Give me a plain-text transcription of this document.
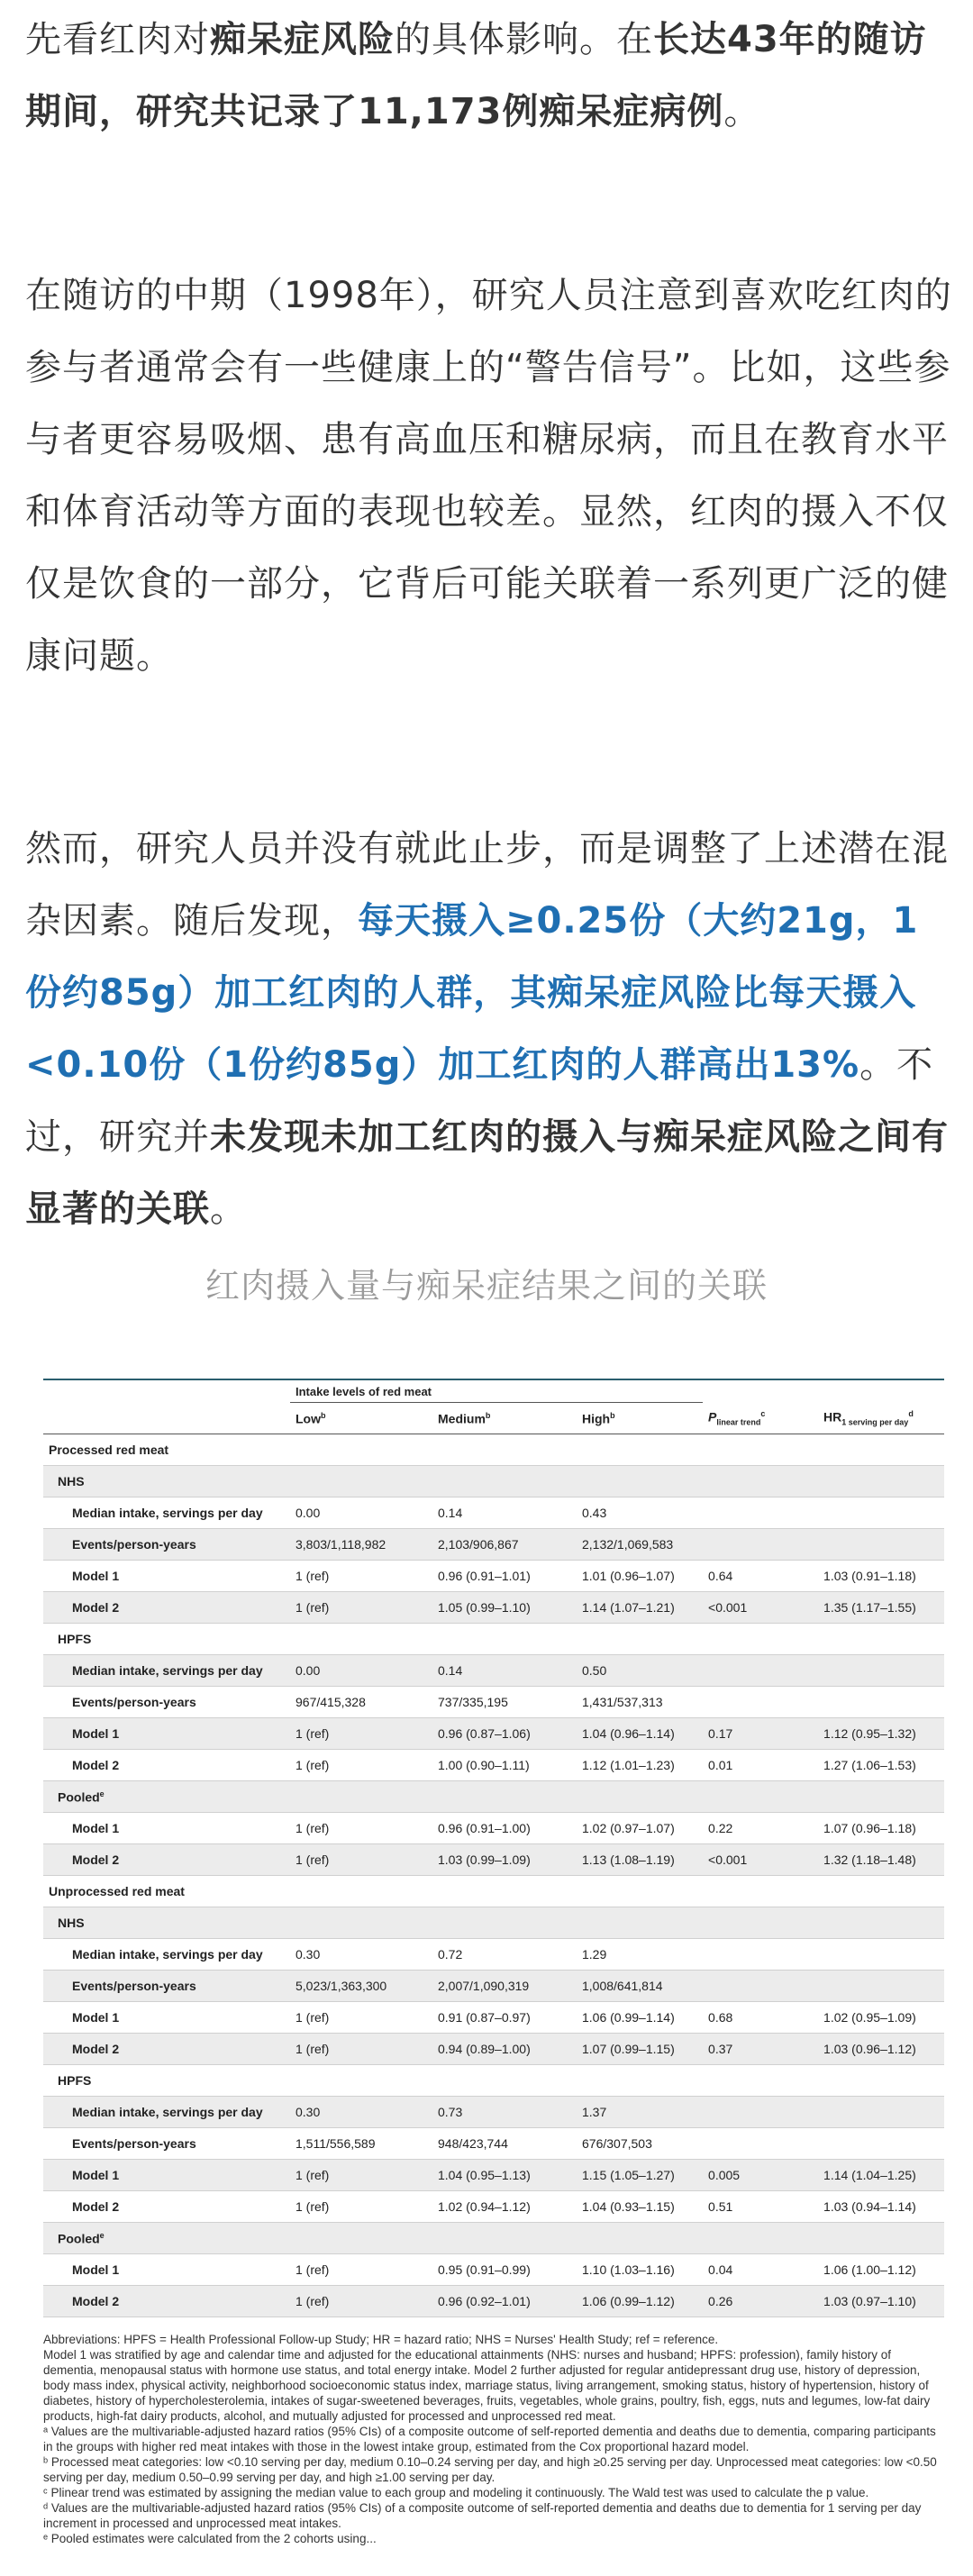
先看红肉对痴呆症风险的具体影响。在长达43年的随访期间，研究共记录了11,173例痴呆症病例。

在随访的中期（1998年），研究人员注意到喜欢吃红肉的参与者通常会有一些健康上的“警告信号”。比如，这些参与者更容易吸烟、患有高血压和糖尿病，而且在教育水平和体育活动等方面的表现也较差。显然，红肉的摄入不仅仅是饮食的一部分，它背后可能关联着一系列更广泛的健康问题。

然而，研究人员并没有就此止步，而是调整了上述潜在混杂因素。随后发现，每天摄入≥0.25份（大约21g，1份约85g）加工红肉的人群，其痴呆症风险比每天摄入<0.10份（1份约85g）加工红肉的人群高出13%。不过，研究并未发现未加工红肉的摄入与痴呆症风险之间有显著的关联。

红肉摄入量与痴呆症结果之间的关联
	Intake levels of red meat				
	Low$^b$	Medium$^b$	High$^b$	$P_{linear trend}^c$	$HR_{1 serving per day}^d$
Processed red meat					
NHS					
Median intake, servings per day	0.00	0.14	0.43		
Events/person-years	3,803/1,118,982	2,103/906,867	2,132/1,069,583		
Model 1	1 (ref)	0.96 (0.91–1.01)	1.01 (0.96–1.07)	0.64	1.03 (0.91–1.18)
Model 2	1 (ref)	1.05 (0.99–1.10)	1.14 (1.07–1.21)	<0.001	1.35 (1.17–1.55)
HPFS					
Median intake, servings per day	0.00	0.14	0.50		
Events/person-years	967/415,328	737/335,195	1,431/537,313		
Model 1	1 (ref)	0.96 (0.87–1.06)	1.04 (0.96–1.14)	0.17	1.12 (0.95–1.32)
Model 2	1 (ref)	1.00 (0.90–1.11)	1.12 (1.01–1.23)	0.01	1.27 (1.06–1.53)
Pooled$^e$	
Model 1	1 (ref)	0.96 (0.91–1.00)	1.02 (0.97–1.07)	0.22	1.07 (0.96–1.18)
Model 2	1 (ref)	1.03 (0.99–1.09)	1.13 (1.08–1.19)	<0.001	1.32 (1.18–1.48)
Unprocessed red meat					
NHS					
Median intake, servings per day	0.30	0.72	1.29		
Events/person-years	5,023/1,363,300	2,007/1,090,319	1,008/641,814		
Model 1	1 (ref)	0.91 (0.87–0.97)	1.06 (0.99–1.14)	0.68	1.02 (0.95–1.09)
Model 2	1 (ref)	0.94 (0.89–1.00)	1.07 (0.99–1.15)	0.37	1.03 (0.96–1.12)
HPFS					
Median intake, servings per day	0.30	0.73	1.37		
Events/person-years	1,511/556,589	948/423,744	676/307,503		
Model 1	1 (ref)	1.04 (0.95–1.13)	1.15 (1.05–1.27)	0.005	1.14 (1.04–1.25)
Model 2	1 (ref)	1.02 (0.94–1.12)	1.04 (0.93–1.15)	0.51	1.03 (0.94–1.14)
Pooled$^e$	
Model 1	1 (ref)	0.95 (0.91–0.99)	1.10 (1.03–1.16)	0.04	1.06 (1.00–1.12)
Model 2	1 (ref)	0.96 (0.92–1.01)	1.06 (0.99–1.12)	0.26	1.03 (0.97–1.10)

Abbreviations: HPFS = Health Professional Follow-up Study; HR = hazard ratio; NHS = Nurses' Health Study; ref = reference.

Model 1 was stratified by age and calendar time and adjusted for the educational attainments (NHS: nurses and husband; HPFS: profession), family history of dementia, menopausal status with hormone use status, and total energy intake. Model 2 further adjusted for regular antidepressant drug use, history of depression, body mass index, physical activity, neighborhood socioeconomic status index, marriage status, living arrangement, smoking status, history of hypertension, history of diabetes, history of hypercholesterolemia, intakes of sugar-sweetened beverages, fruits, vegetables, whole grains, poultry, fish, eggs, nuts and legumes, low-fat dairy products, high-fat dairy products, alcohol, and mutually adjusted for processed and unprocessed red meat.

ᵃ Values are the multivariable-adjusted hazard ratios (95% CIs) of a composite outcome of self-reported dementia and deaths due to dementia, comparing participants in the groups with higher red meat intakes with those in the lowest intake group, estimated from the Cox proportional hazard model.

ᵇ Processed meat categories: low <0.10 serving per day, medium 0.10–0.24 serving per day, and high ≥0.25 serving per day. Unprocessed meat categories: low <0.50 serving per day, medium 0.50–0.99 serving per day, and high ≥1.00 serving per day.

ᶜ Plinear trend was estimated by assigning the median value to each group and modeling it continuously. The Wald test was used to calculate the p value.

ᵈ Values are the multivariable-adjusted hazard ratios (95% CIs) of a composite outcome of self-reported dementia and deaths due to dementia for 1 serving per day increment in processed and unprocessed meat intakes.

ᵉ Pooled estimates were calculated from the 2 cohorts using...
